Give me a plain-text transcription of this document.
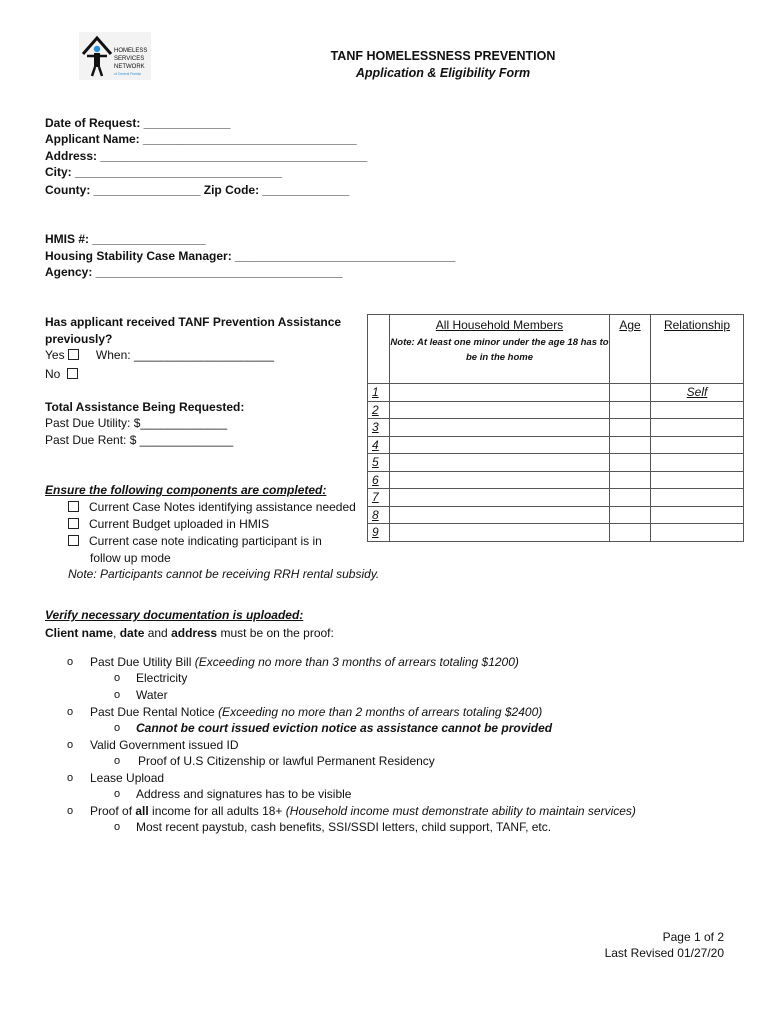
HOMELESS
SERVICES
NETWORK
of Central Florida
TANF HOMELESSNESS PREVENTION
Application & Eligibility Form
Date of Request: _____________
Applicant Name: ________________________________
Address: ________________________________________
City: _______________________________
County: ________________ Zip Code: _____________
HMIS #: _________________
Housing Stability Case Manager: _________________________________
Agency: _____________________________________
Has applicant received TANF Prevention Assistance
previously?
Yes	When: _____________________
No
Total Assistance Being Requested:
Past Due Utility: $_____________
Past Due Rent: $ ______________
Ensure the following components are completed:
Current Case Notes identifying assistance needed
Current Budget uploaded in HMIS
Current case note indicating participant is in
follow up mode
Note: Participants cannot be receiving RRH rental subsidy.

	All Household Members
Note: At least one minor under the age 18 has to be in the home	Age	Relationship

1			Self
2			
3			
4			
5			
6			
7			
8			
9			
Verify necessary documentation is uploaded:
Client name, date and address must be on the proof:
o Past Due Utility Bill (Exceeding no more than 3 months of arrears totaling $1200)
o Electricity
o Water
o Past Due Rental Notice (Exceeding no more than 2 months of arrears totaling $2400)
o Cannot be court issued eviction notice as assistance cannot be provided
o Valid Government issued ID
o Proof of U.S Citizenship or lawful Permanent Residency
o Lease Upload
o Address and signatures has to be visible
o Proof of all income for all adults 18+ (Household income must demonstrate ability to maintain services)
o Most recent paystub, cash benefits, SSI/SSDI letters, child support, TANF, etc.
Page 1 of 2
Last Revised 01/27/20
